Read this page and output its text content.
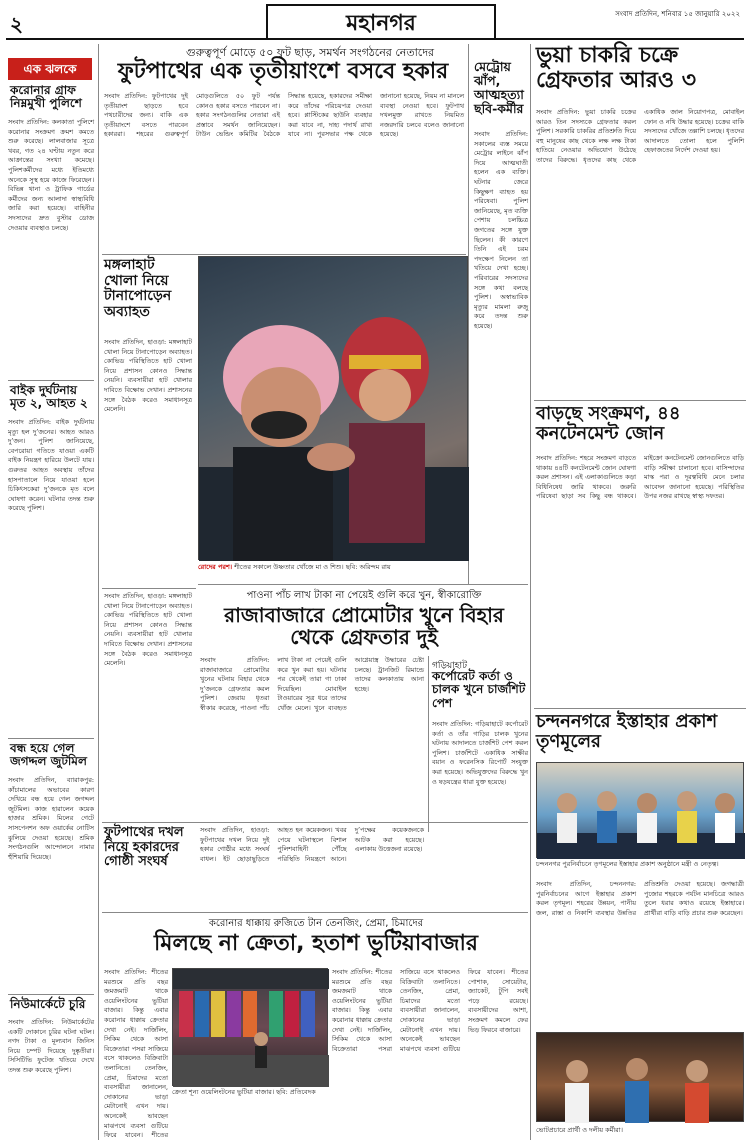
২	মহানগর	সংবাদ প্রতিদিন, শনিবার ১৫ জানুয়ারি ২০২২
এক ঝলকে
করোনার গ্রাফ নিম্নমুখী পুলিশে
সংবাদ প্রতিদিন: কলকাতা পুলিশে করোনার সংক্রমণ ক্রমশ কমতে শুরু করেছে। লালবাজার সূত্রে খবর, গত ২৪ ঘণ্টায় নতুন করে আক্রান্তের সংখ্যা কমেছে। পুলিশকর্মীদের মধ্যে ইতিমধ্যে অনেকে সুস্থ হয়ে কাজে ফিরেছেন। বিভিন্ন থানা ও ট্রাফিক গার্ডের কর্মীদের জন্য আলাদা স্বাস্থ্যবিধি জারি করা হয়েছে। বাহিনীর সদস্যদের দ্রুত বুস্টার ডোজ দেওয়ার ব্যবস্থাও চলছে।
বাইক দুর্ঘটনায় মৃত ২, আহত ২
সংবাদ প্রতিদিন: বাইক দুর্ঘটনায় মৃত্যু হল দু’জনের। আহত আরও দু’জন। পুলিশ জানিয়েছে, বেপরোয়া গতিতে যাওয়া একটি বাইক নিয়ন্ত্রণ হারিয়ে উলটে যায়। গুরুতর আহত অবস্থায় তাঁদের হাসপাতালে নিয়ে যাওয়া হলে চিকিৎসকেরা দু’জনকে মৃত বলে ঘোষণা করেন। ঘটনার তদন্ত শুরু করেছে পুলিশ।
বন্ধ হয়ে গেল জগদ্দল জুটমিল
সংবাদ প্রতিদিন, ব্যারাকপুর: কাঁচামালের অভাবের কারণ দেখিয়ে বন্ধ হয়ে গেল জগদ্দল জুটমিল। কাজ হারালেন কয়েক হাজার শ্রমিক। মিলের গেটে সাসপেনশন অফ ওয়ার্কের নোটিস ঝুলিয়ে দেওয়া হয়েছে। শ্রমিক সংগঠনগুলি আন্দোলনে নামার হুঁশিয়ারি দিয়েছে।
নিউমার্কেটে চুরি
সংবাদ প্রতিদিন: নিউমার্কেটের একটি দোকানে চুরির ঘটনা ঘটল। নগদ টাকা ও মূল্যবান জিনিস নিয়ে চম্পট দিয়েছে দুষ্কৃতীরা। সিসিটিভি ফুটেজ খতিয়ে দেখে তদন্ত শুরু করেছে পুলিশ।
গুরুত্বপূর্ণ মোড়ে ৫০ ফুট ছাড়, সমর্থন সংগঠনের নেতাদের
ফুটপাথের এক তৃতীয়াংশে বসবে হকার
সংবাদ প্রতিদিন: ফুটপাথের দুই তৃতীয়াংশ ছাড়তে হবে পথচারীদের জন্য। বাকি এক তৃতীয়াংশে বসতে পারবেন হকাররা। শহরের গুরুত্বপূর্ণ মোড়গুলিতে ৫০ ফুট পর্যন্ত কোনও হকার বসতে পারবেন না। হকার সংগঠনগুলির নেতারা এই প্রস্তাবে সমর্থন জানিয়েছেন। টাউন ভেন্ডিং কমিটির বৈঠকে সিদ্ধান্ত হয়েছে, হকারদের সমীক্ষা করে তাঁদের পরিচয়পত্র দেওয়া হবে। প্লাস্টিকের ছাউনি ব্যবহার করা যাবে না, দাহ্য পদার্থ রাখা যাবে না। পুরসভার পক্ষ থেকে জানানো হয়েছে, নিয়ম না মানলে ব্যবস্থা নেওয়া হবে। ফুটপাথ দখলমুক্ত রাখতে নিয়মিত নজরদারি চলবে বলেও জানানো হয়েছে।
মেট্রোয় ঝাঁপ, আত্মহত্যা ছবি-কর্মীর
সংবাদ প্রতিদিন: সকালের ব্যস্ত সময়ে মেট্রোর লাইনে ঝাঁপ দিয়ে আত্মঘাতী হলেন এক ব্যক্তি। ঘটনার জেরে কিছুক্ষণ ব্যাহত হয় পরিষেবা। পুলিশ জানিয়েছে, মৃত ব্যক্তি পেশায় চলচ্চিত্র জগতের সঙ্গে যুক্ত ছিলেন। কী কারণে তিনি এই চরম পদক্ষেপ নিলেন তা খতিয়ে দেখা হচ্ছে। পরিবারের সদস্যদের সঙ্গে কথা বলছে পুলিশ। অস্বাভাবিক মৃত্যুর মামলা রুজু করে তদন্ত শুরু হয়েছে।
ভুয়া চাকরি চক্রে গ্রেফতার আরও ৩
সংবাদ প্রতিদিন: ভুয়া চাকরি চক্রের আরও তিন সদস্যকে গ্রেফতার করল পুলিশ। সরকারি চাকরির প্রতিশ্রুতি দিয়ে বহু মানুষের কাছ থেকে লক্ষ লক্ষ টাকা হাতিয়ে নেওয়ার অভিযোগ উঠেছে তাদের বিরুদ্ধে। ধৃতদের কাছ থেকে একাধিক জাল নিয়োগপত্র, মোবাইল ফোন ও নথি উদ্ধার হয়েছে। চক্রের বাকি সদস্যদের খোঁজে তল্লাশি চলছে। ধৃতদের আদালতে তোলা হলে পুলিশি হেফাজতের নির্দেশ দেওয়া হয়।
মঙ্গলাহাট খোলা নিয়ে টানাপোড়েন অব্যাহত
সংবাদ প্রতিদিন, হাওড়া: মঙ্গলাহাট খোলা নিয়ে টানাপোড়েন অব্যাহত। কোভিড পরিস্থিতিতে হাট খোলা নিয়ে প্রশাসন কোনও সিদ্ধান্ত নেয়নি। ব্যবসায়ীরা হাট খোলার দাবিতে বিক্ষোভ দেখান। প্রশাসনের সঙ্গে বৈঠক করেও সমাধানসূত্র মেলেনি।
রোদের পরশ। শীতের সকালে উষ্ণতার খোঁজে মা ও শিশু। ছবি: অরিন্দম রায়
পাওনা পাঁচ লাখ টাকা না পেয়েই গুলি করে খুন, স্বীকারোক্তি
রাজাবাজারে প্রোমোটার খুনে বিহার থেকে গ্রেফতার দুই
সংবাদ প্রতিদিন: রাজাবাজারে প্রোমোটার খুনের ঘটনায় বিহার থেকে দু’জনকে গ্রেফতার করল পুলিশ। জেরায় ধৃতরা স্বীকার করেছে, পাওনা পাঁচ লাখ টাকা না পেয়েই গুলি করে খুন করা হয়। ঘটনার পর থেকেই তারা গা ঢাকা দিয়েছিল। মোবাইল টাওয়ারের সূত্র ধরে তাদের খোঁজ মেলে। খুনে ব্যবহৃত আগ্নেয়াস্ত্র উদ্ধারের চেষ্টা চলছে। ট্রানজিট রিমান্ডে তাদের কলকাতায় আনা হচ্ছে।
গড়িয়াহাট
কর্পোরেট কর্তা ও চালক খুনে চার্জশিট পেশ
সংবাদ প্রতিদিন: গড়িয়াহাটে কর্পোরেট কর্তা ও তাঁর গাড়ির চালক খুনের ঘটনায় আদালতে চার্জশিট পেশ করল পুলিশ। চার্জশিটে একাধিক সাক্ষীর বয়ান ও ফরেনসিক রিপোর্ট সংযুক্ত করা হয়েছে। অভিযুক্তদের বিরুদ্ধে খুন ও ষড়যন্ত্রের ধারা যুক্ত হয়েছে।
সংবাদ প্রতিদিন, হাওড়া: মঙ্গলাহাট খোলা নিয়ে টানাপোড়েন অব্যাহত। কোভিড পরিস্থিতিতে হাট খোলা নিয়ে প্রশাসন কোনও সিদ্ধান্ত নেয়নি। ব্যবসায়ীরা হাট খোলার দাবিতে বিক্ষোভ দেখান। প্রশাসনের সঙ্গে বৈঠক করেও সমাধানসূত্র মেলেনি।
ফুটপাথের দখল নিয়ে হকারদের গোষ্ঠী সংঘর্ষ
সংবাদ প্রতিদিন, হাওড়া: ফুটপাথের দখল নিয়ে দুই হকার গোষ্ঠীর মধ্যে সংঘর্ষ বাধল। ইট ছোড়াছুড়িতে আহত হন কয়েকজন। খবর পেয়ে ঘটনাস্থলে বিশাল পুলিশবাহিনী পৌঁছে পরিস্থিতি নিয়ন্ত্রণে আনে। দু’পক্ষের কয়েকজনকে আটক করা হয়েছে। এলাকায় উত্তেজনা রয়েছে।
বাড়ছে সংক্রমণ, ৪৪ কনটেনমেন্ট জোন
সংবাদ প্রতিদিন: শহরে সংক্রমণ বাড়তে থাকায় ৪৪টি কনটেনমেন্ট জোন ঘোষণা করল প্রশাসন। এই এলাকাগুলিতে কড়া বিধিনিষেধ জারি থাকবে। জরুরি পরিষেবা ছাড়া সব কিছু বন্ধ থাকবে। মাইক্রো কনটেনমেন্ট জোনগুলিতে বাড়ি বাড়ি সমীক্ষা চালানো হবে। বাসিন্দাদের মাস্ক পরা ও দূরত্ববিধি মেনে চলার আবেদন জানানো হয়েছে। পরিস্থিতির উপর নজর রাখছে স্বাস্থ্য দফতর।
চন্দননগরে ইস্তাহার প্রকাশ তৃণমূলের
চন্দননগর পুরনির্বাচনে তৃণমূলের ইস্তাহার প্রকাশ অনুষ্ঠানে মন্ত্রী ও নেতৃত্ব।
সংবাদ প্রতিদিন, চন্দননগর: পুরনির্বাচনের আগে ইস্তাহার প্রকাশ করল তৃণমূল। শহরের উন্নয়ন, পানীয় জল, রাস্তা ও নিকাশি ব্যবস্থার উন্নতির প্রতিশ্রুতি দেওয়া হয়েছে। জগদ্ধাত্রী পুজোর শহরকে পর্যটন মানচিত্রে আরও তুলে ধরার কথাও রয়েছে ইস্তাহারে। প্রার্থীরা বাড়ি বাড়ি প্রচার শুরু করেছেন।
ভোটপ্রচারে প্রার্থী ও দলীয় কর্মীরা।
করোনার ধাক্কায় রুজিতে টান তেনজিং, প্রেমা, চিমাদের
মিলছে না ক্রেতা, হতাশ ভুটিয়াবাজার
সংবাদ প্রতিদিন: শীতের মরশুমে প্রতি বছর জমজমাট থাকে ওয়েলিংটনের ভুটিয়া বাজার। কিন্তু এবার করোনার ধাক্কায় ক্রেতার দেখা নেই। দার্জিলিং, সিকিম থেকে আসা বিক্রেতারা পসরা সাজিয়ে বসে থাকলেও বিক্রিবাটা তলানিতে। তেনজিং, প্রেমা, চিমাদের মতো ব্যবসায়ীরা জানালেন, দোকানের ভাড়া মেটানোই এখন দায়। অনেকেই ভাবছেন মাঝপথে ব্যবসা গুটিয়ে ফিরে যাবেন। শীতের
ক্রেতা শূন্য ওয়েলিংটনের ভুটিয়া বাজার। ছবি: প্রতিবেদক
সংবাদ প্রতিদিন: শীতের মরশুমে প্রতি বছর জমজমাট থাকে ওয়েলিংটনের ভুটিয়া বাজার। কিন্তু এবার করোনার ধাক্কায় ক্রেতার দেখা নেই। দার্জিলিং, সিকিম থেকে আসা বিক্রেতারা পসরা সাজিয়ে বসে থাকলেও বিক্রিবাটা তলানিতে। তেনজিং, প্রেমা, চিমাদের মতো ব্যবসায়ীরা জানালেন, দোকানের ভাড়া মেটানোই এখন দায়। অনেকেই ভাবছেন মাঝপথে ব্যবসা গুটিয়ে ফিরে যাবেন। শীতের পোশাক, সোয়েটার, জ্যাকেট, টুপি সবই পড়ে রয়েছে। ব্যবসায়ীদের আশা, সংক্রমণ কমলে ফের ভিড় ফিরবে বাজারে।
